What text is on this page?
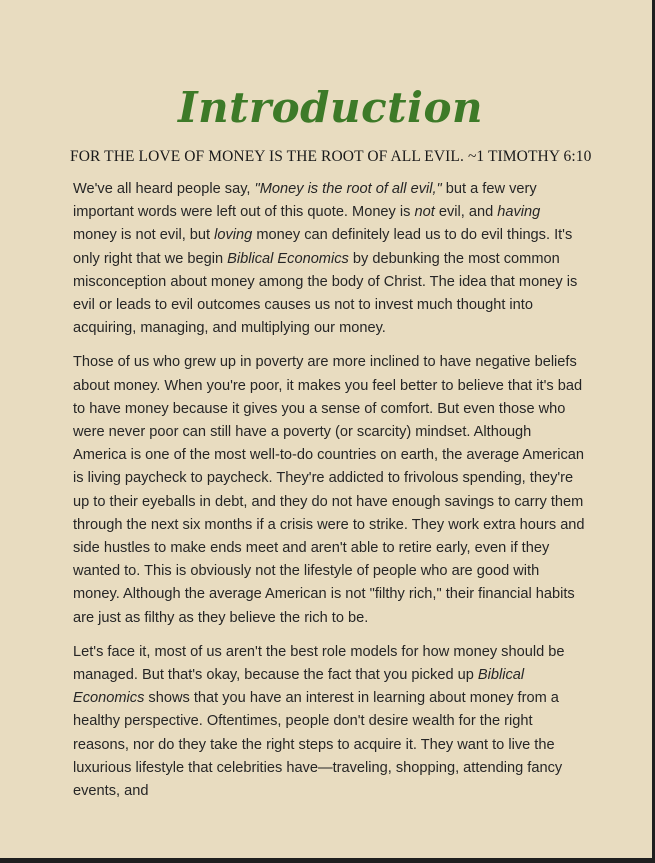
Introduction
FOR THE LOVE OF MONEY IS THE ROOT OF ALL EVIL. ~1 TIMOTHY 6:10

We've all heard people say, "Money is the root of all evil," but a few very important words were left out of this quote. Money is not evil, and having money is not evil, but loving money can definitely lead us to do evil things. It's only right that we begin Biblical Economics by debunking the most common misconception about money among the body of Christ. The idea that money is evil or leads to evil outcomes causes us not to invest much thought into acquiring, managing, and multiplying our money.

Those of us who grew up in poverty are more inclined to have negative beliefs about money. When you're poor, it makes you feel better to believe that it's bad to have money because it gives you a sense of comfort. But even those who were never poor can still have a poverty (or scarcity) mindset. Although America is one of the most well-to-do countries on earth, the average American is living paycheck to paycheck. They're addicted to frivolous spending, they're up to their eyeballs in debt, and they do not have enough savings to carry them through the next six months if a crisis were to strike. They work extra hours and side hustles to make ends meet and aren't able to retire early, even if they wanted to. This is obviously not the lifestyle of people who are good with money. Although the average American is not "filthy rich," their financial habits are just as filthy as they believe the rich to be.

Let's face it, most of us aren't the best role models for how money should be managed. But that's okay, because the fact that you picked up Biblical Economics shows that you have an interest in learning about money from a healthy perspective. Oftentimes, people don't desire wealth for the right reasons, nor do they take the right steps to acquire it. They want to live the luxurious lifestyle that celebrities have—traveling, shopping, attending fancy events, and
